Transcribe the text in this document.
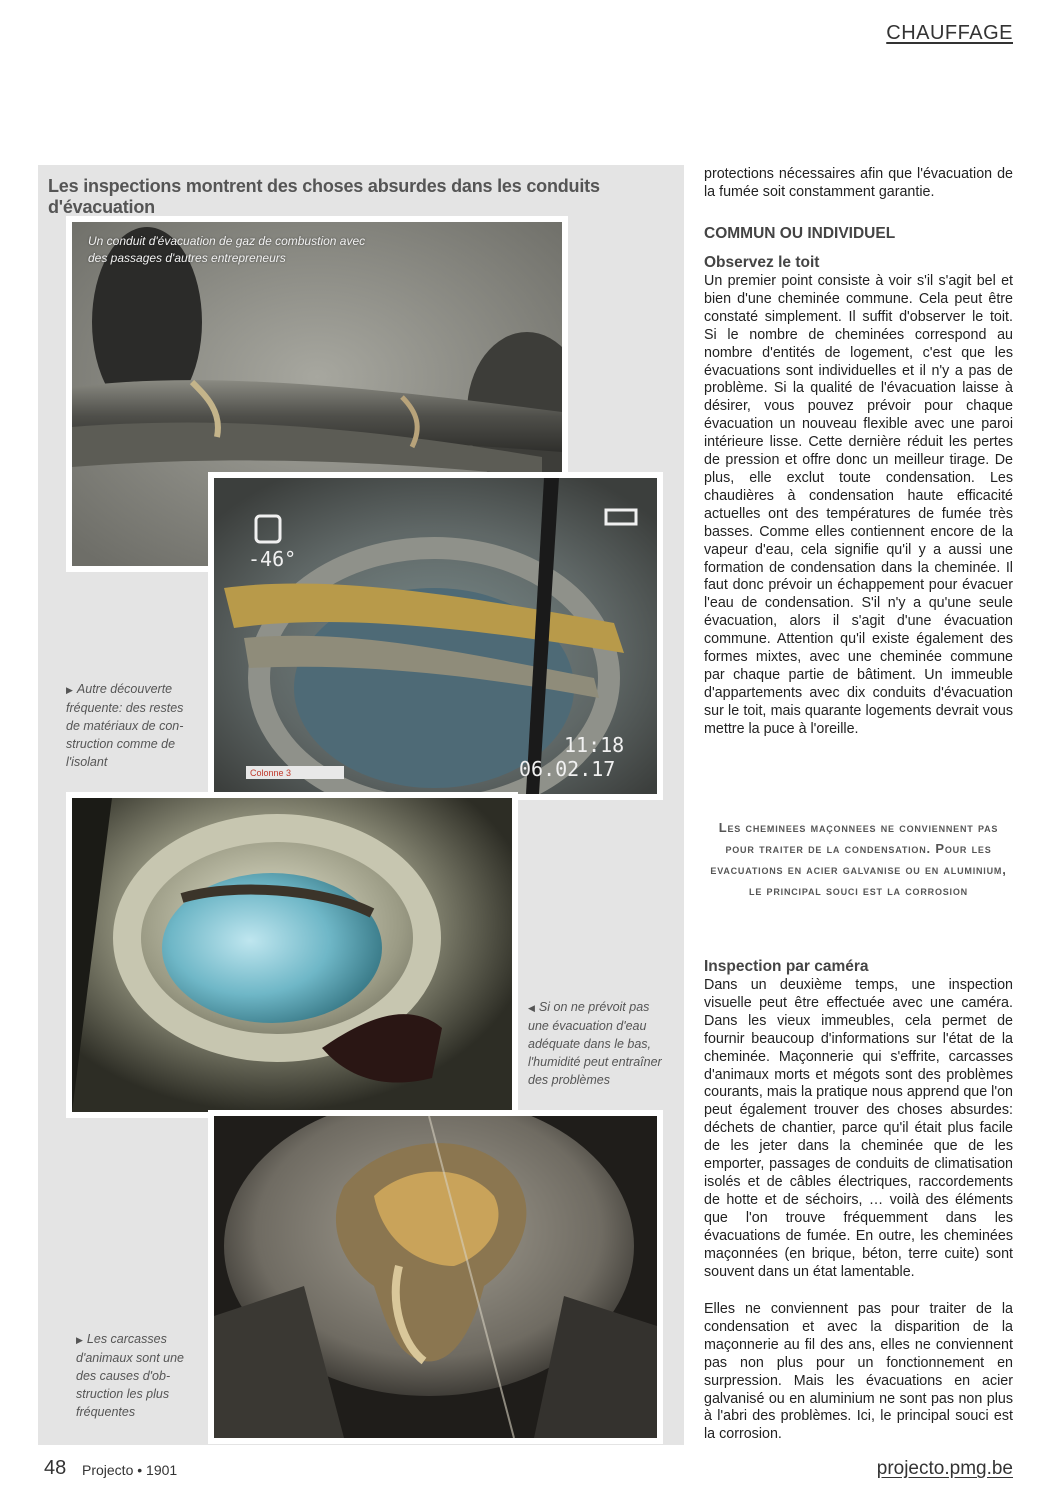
CHAUFFAGE
Les inspections montrent des choses absurdes dans les conduits d'évacuation
Un conduit d'évacuation de gaz de combustion avec des passages d'autres entrepreneurs
-46°
11:18
06.02.17
Colonne 3
▶ Autre découverte
fréquente: des restes
de matériaux de con-
struction comme de
l'isolant
◀ Si on ne prévoit pas
une évacuation d'eau
adéquate dans le bas,
l'humidité peut entraîner
des problèmes
▶ Les carcasses
d'animaux sont une
des causes d'ob-
struction les plus
fréquentes
protections nécessaires afin que l'évacuation de la fumée soit constamment garantie.
COMMUN OU INDIVIDUEL
Observez le toit
Un premier point consiste à voir s'il s'agit bel et bien d'une cheminée commune. Cela peut être constaté simplement. Il suffit d'observer le toit. Si le nombre de cheminées correspond au nombre d'entités de logement, c'est que les évacuations sont individuelles et il n'y a pas de problème. Si la qualité de l'évacuation laisse à désirer, vous pouvez prévoir pour chaque évacuation un nouveau flexible avec une paroi intérieure lisse. Cette dernière réduit les pertes de pression et offre donc un meilleur tirage. De plus, elle exclut toute condensation. Les chaudières à condensation haute efficacité actuelles ont des températures de fumée très basses. Comme elles contiennent encore de la vapeur d'eau, cela signifie qu'il y a aussi une formation de condensation dans la cheminée. Il faut donc prévoir un échappement pour évacuer l'eau de condensation. S'il n'y a qu'une seule évacuation, alors il s'agit d'une évacuation commune. Attention qu'il existe également des formes mixtes, avec une cheminée commune par chaque partie de bâtiment. Un immeuble d'appartements avec dix conduits d'évacuation sur le toit, mais quarante logements devrait vous mettre la puce à l'oreille.
Les cheminees maçonnees ne conviennent pas pour traiter de la condensation. Pour les evacuations en acier galvanise ou en aluminium, le principal souci est la corrosion
Inspection par caméra
Dans un deuxième temps, une inspection visuelle peut être effectuée avec une caméra. Dans les vieux immeubles, cela permet de fournir beaucoup d'informations sur l'état de la cheminée. Maçonnerie qui s'effrite, carcasses d'animaux morts et mégots sont des problèmes courants, mais la pratique nous apprend que l'on peut également trouver des choses absurdes: déchets de chantier, parce qu'il était plus facile de les jeter dans la cheminée que de les emporter, passages de conduits de climatisation isolés et de câbles électriques, raccordements de hotte et de séchoirs, … voilà des éléments que l'on trouve fréquemment dans les évacuations de fumée. En outre, les cheminées maçonnées (en brique, béton, terre cuite) sont souvent dans un état lamentable.
Elles ne conviennent pas pour traiter de la condensation et avec la disparition de la maçonnerie au fil des ans, elles ne conviennent pas non plus pour un fonctionnement en surpression. Mais les évacuations en acier galvanisé ou en aluminium ne sont pas non plus à l'abri des problèmes. Ici, le principal souci est la corrosion.
48 Projecto • 1901	projecto.pmg.be
